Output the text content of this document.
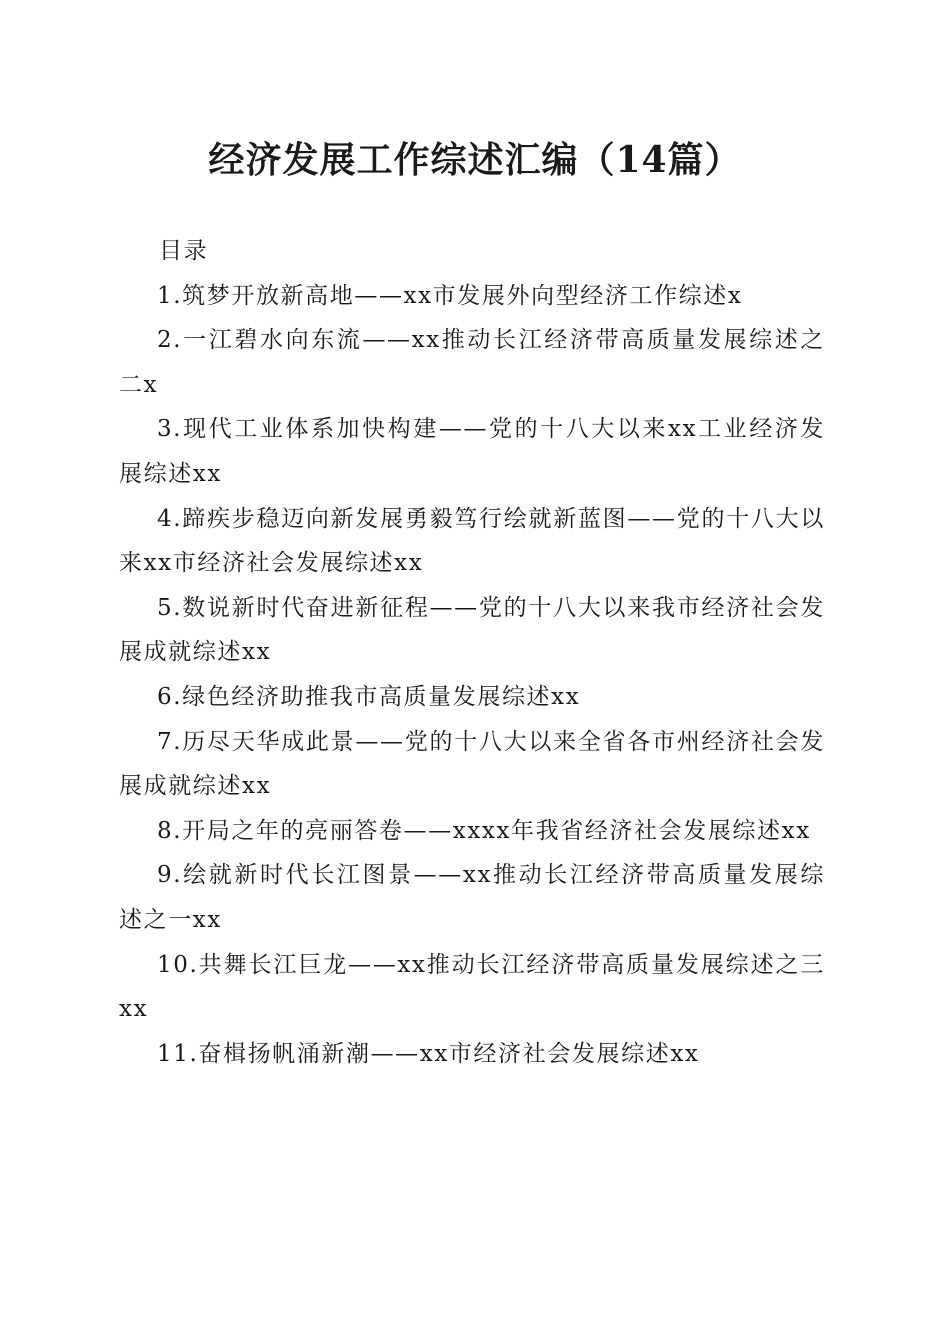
经济发展工作综述汇编（14篇）

目录

1.筑梦开放新高地——xx市发展外向型经济工作综述x

2.一江碧水向东流——xx推动长江经济带高质量发展综述之二x

3.现代工业体系加快构建——党的十八大以来xx工业经济发展综述xx

4.蹄疾步稳迈向新发展勇毅笃行绘就新蓝图——党的十八大以来xx市经济社会发展综述xx

5.数说新时代奋进新征程——党的十八大以来我市经济社会发展成就综述xx

6.绿色经济助推我市高质量发展综述xx

7.历尽天华成此景——党的十八大以来全省各市州经济社会发展成就综述xx

8.开局之年的亮丽答卷——xxxx年我省经济社会发展综述xx

9.绘就新时代长江图景——xx推动长江经济带高质量发展综述之一xx

10.共舞长江巨龙——xx推动长江经济带高质量发展综述之三xx

11.奋楫扬帆涌新潮——xx市经济社会发展综述xx
